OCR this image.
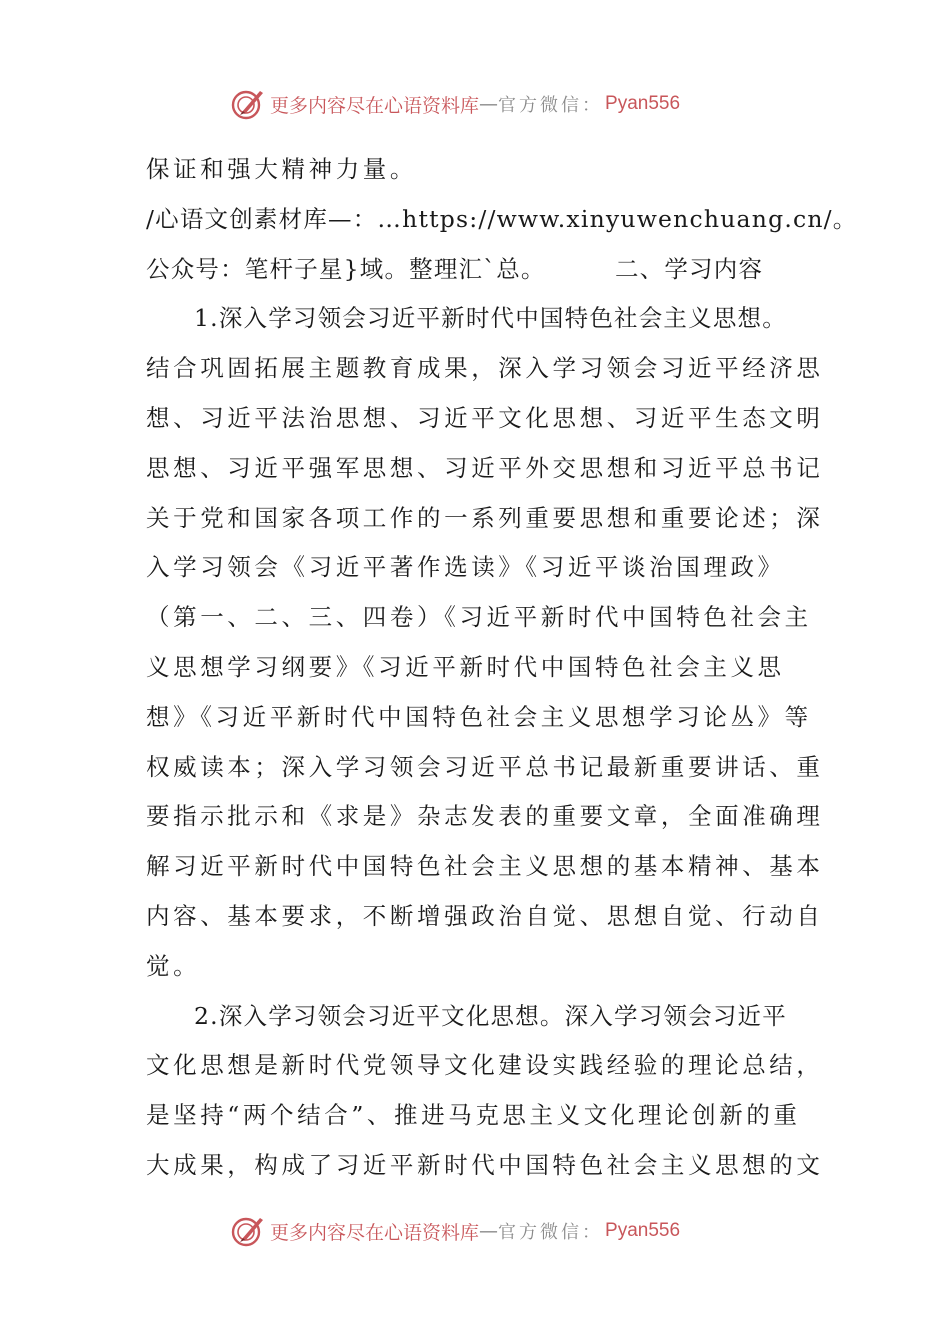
更多内容尽在心语资料库 — 官方微信： Pyan556
保证和强大精神力量。
/心语文创素材库—：…https://www.xinyuwenchuang.cn/。
公众号：笔杆子星}域。整理汇`总。        二、学习内容
1.深入学习领会习近平新时代中国特色社会主义思想。
结合巩固拓展主题教育成果，深入学习领会习近平经济思
想、习近平法治思想、习近平文化思想、习近平生态文明
思想、习近平强军思想、习近平外交思想和习近平总书记
关于党和国家各项工作的一系列重要思想和重要论述；深
入学习领会《习近平著作选读》《习近平谈治国理政》
（第一、二、三、四卷）《习近平新时代中国特色社会主
义思想学习纲要》《习近平新时代中国特色社会主义思
想》《习近平新时代中国特色社会主义思想学习论丛》等
权威读本；深入学习领会习近平总书记最新重要讲话、重
要指示批示和《求是》杂志发表的重要文章，全面准确理
解习近平新时代中国特色社会主义思想的基本精神、基本
内容、基本要求，不断增强政治自觉、思想自觉、行动自
觉。
2.深入学习领会习近平文化思想。深入学习领会习近平
文化思想是新时代党领导文化建设实践经验的理论总结，
是坚持“两个结合”、推进马克思主义文化理论创新的重
大成果，构成了习近平新时代中国特色社会主义思想的文
更多内容尽在心语资料库 — 官方微信： Pyan556
